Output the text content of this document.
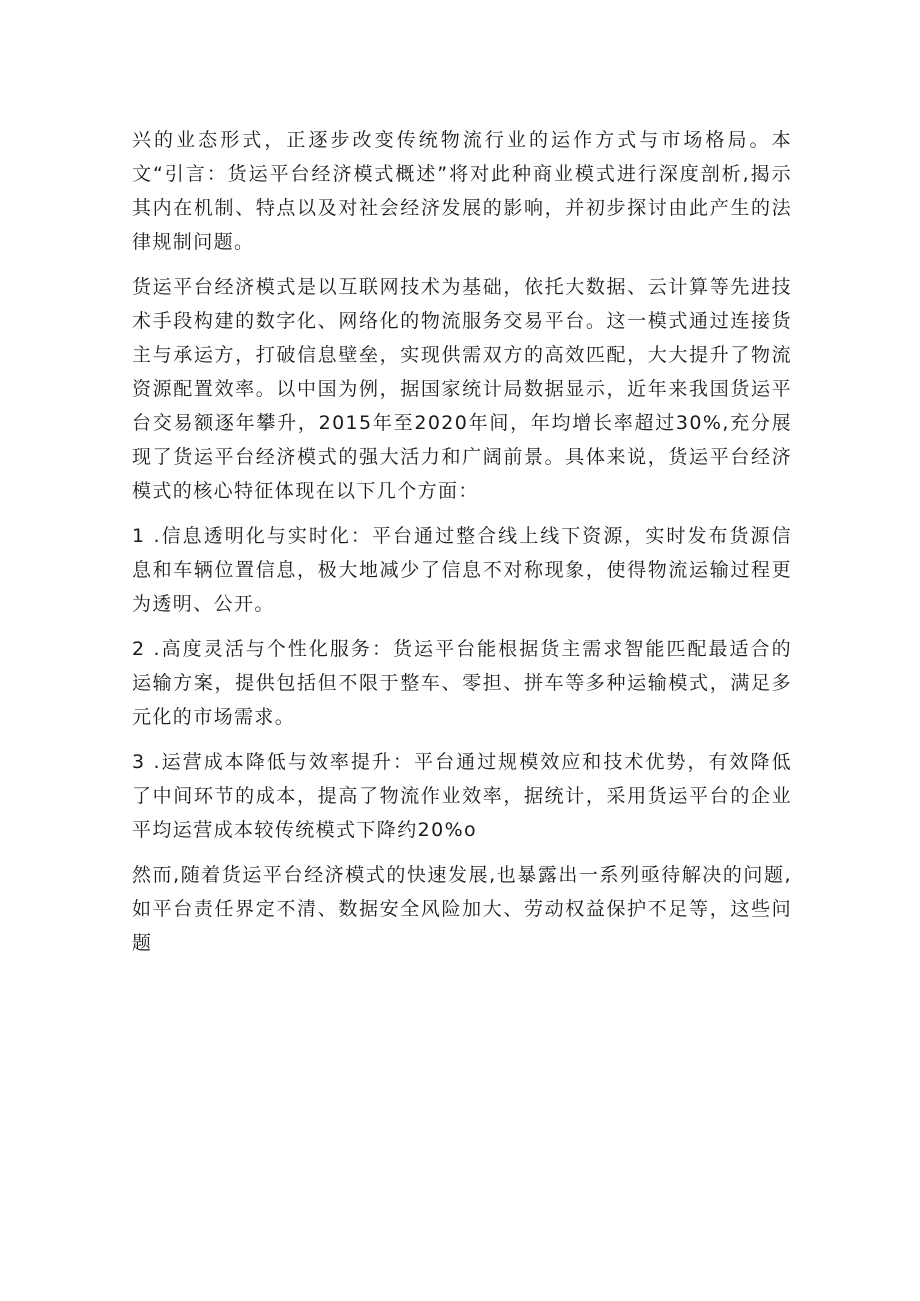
兴的业态形式，正逐步改变传统物流行业的运作方式与市场格局。本文“引言：货运平台经济模式概述”将对此种商业模式进行深度剖析,揭示其内在机制、特点以及对社会经济发展的影响，并初步探讨由此产生的法律规制问题。

货运平台经济模式是以互联网技术为基础，依托大数据、云计算等先进技术手段构建的数字化、网络化的物流服务交易平台。这一模式通过连接货主与承运方，打破信息壁垒，实现供需双方的高效匹配，大大提升了物流资源配置效率。以中国为例，据国家统计局数据显示，近年来我国货运平台交易额逐年攀升，2015年至2020年间，年均增长率超过30%,充分展现了货运平台经济模式的强大活力和广阔前景。具体来说，货运平台经济模式的核心特征体现在以下几个方面：

1 .信息透明化与实时化：平台通过整合线上线下资源，实时发布货源信息和车辆位置信息，极大地减少了信息不对称现象，使得物流运输过程更为透明、公开。

2 .高度灵活与个性化服务：货运平台能根据货主需求智能匹配最适合的运输方案，提供包括但不限于整车、零担、拼车等多种运输模式，满足多元化的市场需求。

3 .运营成本降低与效率提升：平台通过规模效应和技术优势，有效降低了中间环节的成本，提高了物流作业效率，据统计，采用货运平台的企业平均运营成本较传统模式下降约20%o

然而,随着货运平台经济模式的快速发展,也暴露出一系列亟待解决的问题,如平台责任界定不清、数据安全风险加大、劳动权益保护不足等，这些问题
